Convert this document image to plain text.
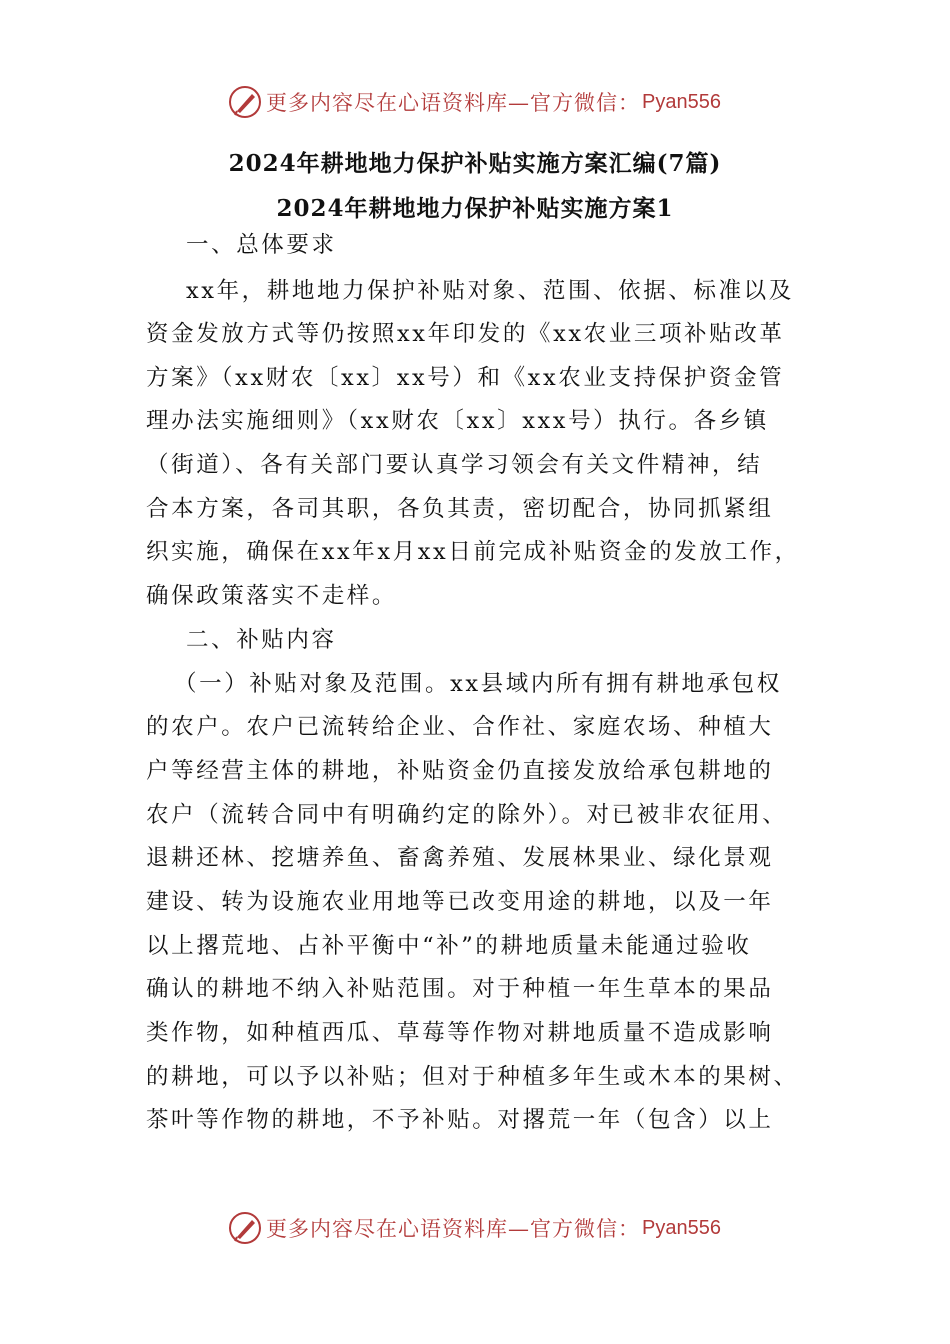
更多内容尽在心语资料库—官方微信： Pyan556
2024年耕地地力保护补贴实施方案汇编(7篇)
2024年耕地地力保护补贴实施方案1
一、总体要求
xx年，耕地地力保护补贴对象、范围、依据、标准以及
资金发放方式等仍按照xx年印发的《xx农业三项补贴改革
方案》（xx财农〔xx〕xx号）和《xx农业支持保护资金管
理办法实施细则》（xx财农〔xx〕xxx号）执行。各乡镇
（街道）、各有关部门要认真学习领会有关文件精神，结
合本方案，各司其职，各负其责，密切配合，协同抓紧组
织实施，确保在xx年x月xx日前完成补贴资金的发放工作，
确保政策落实不走样。
二、补贴内容
（一）补贴对象及范围。xx县域内所有拥有耕地承包权
的农户。农户已流转给企业、合作社、家庭农场、种植大
户等经营主体的耕地，补贴资金仍直接发放给承包耕地的
农户（流转合同中有明确约定的除外）。对已被非农征用、
退耕还林、挖塘养鱼、畜禽养殖、发展林果业、绿化景观
建设、转为设施农业用地等已改变用途的耕地，以及一年
以上撂荒地、占补平衡中“补”的耕地质量未能通过验收
确认的耕地不纳入补贴范围。对于种植一年生草本的果品
类作物，如种植西瓜、草莓等作物对耕地质量不造成影响
的耕地，可以予以补贴；但对于种植多年生或木本的果树、
茶叶等作物的耕地，不予补贴。对撂荒一年（包含）以上
更多内容尽在心语资料库—官方微信： Pyan556
